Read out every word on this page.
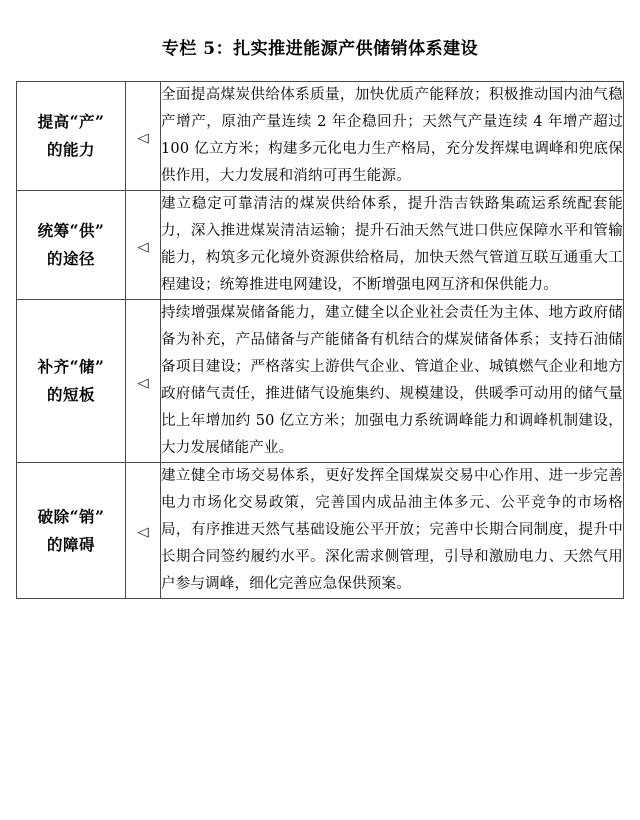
专栏 5：扎实推进能源产供储销体系建设
提高“产”
的能力	◁	全面提高煤炭供给体系质量，加快优质产能释放；积极推动国内油气稳产增产，原油产量连续 2 年企稳回升；天然气产量连续 4 年增产超过 100 亿立方米；构建多元化电力生产格局，充分发挥煤电调峰和兜底保供作用，大力发展和消纳可再生能源。

统筹“供”
的途径	◁	建立稳定可靠清洁的煤炭供给体系，提升浩吉铁路集疏运系统配套能力，深入推进煤炭清洁运输；提升石油天然气进口供应保障水平和管输能力，构筑多元化境外资源供给格局，加快天然气管道互联互通重大工程建设；统筹推进电网建设，不断增强电网互济和保供能力。

补齐“储”
的短板	◁	持续增强煤炭储备能力，建立健全以企业社会责任为主体、地方政府储备为补充，产品储备与产能储备有机结合的煤炭储备体系；支持石油储备项目建设；严格落实上游供气企业、管道企业、城镇燃气企业和地方政府储气责任，推进储气设施集约、规模建设，供暖季可动用的储气量比上年增加约 50 亿立方米；加强电力系统调峰能力和调峰机制建设，大力发展储能产业。

破除“销”
的障碍	◁	建立健全市场交易体系，更好发挥全国煤炭交易中心作用、进一步完善电力市场化交易政策，完善国内成品油主体多元、公平竞争的市场格局，有序推进天然气基础设施公平开放；完善中长期合同制度，提升中长期合同签约履约水平。深化需求侧管理，引导和激励电力、天然气用户参与调峰，细化完善应急保供预案。
